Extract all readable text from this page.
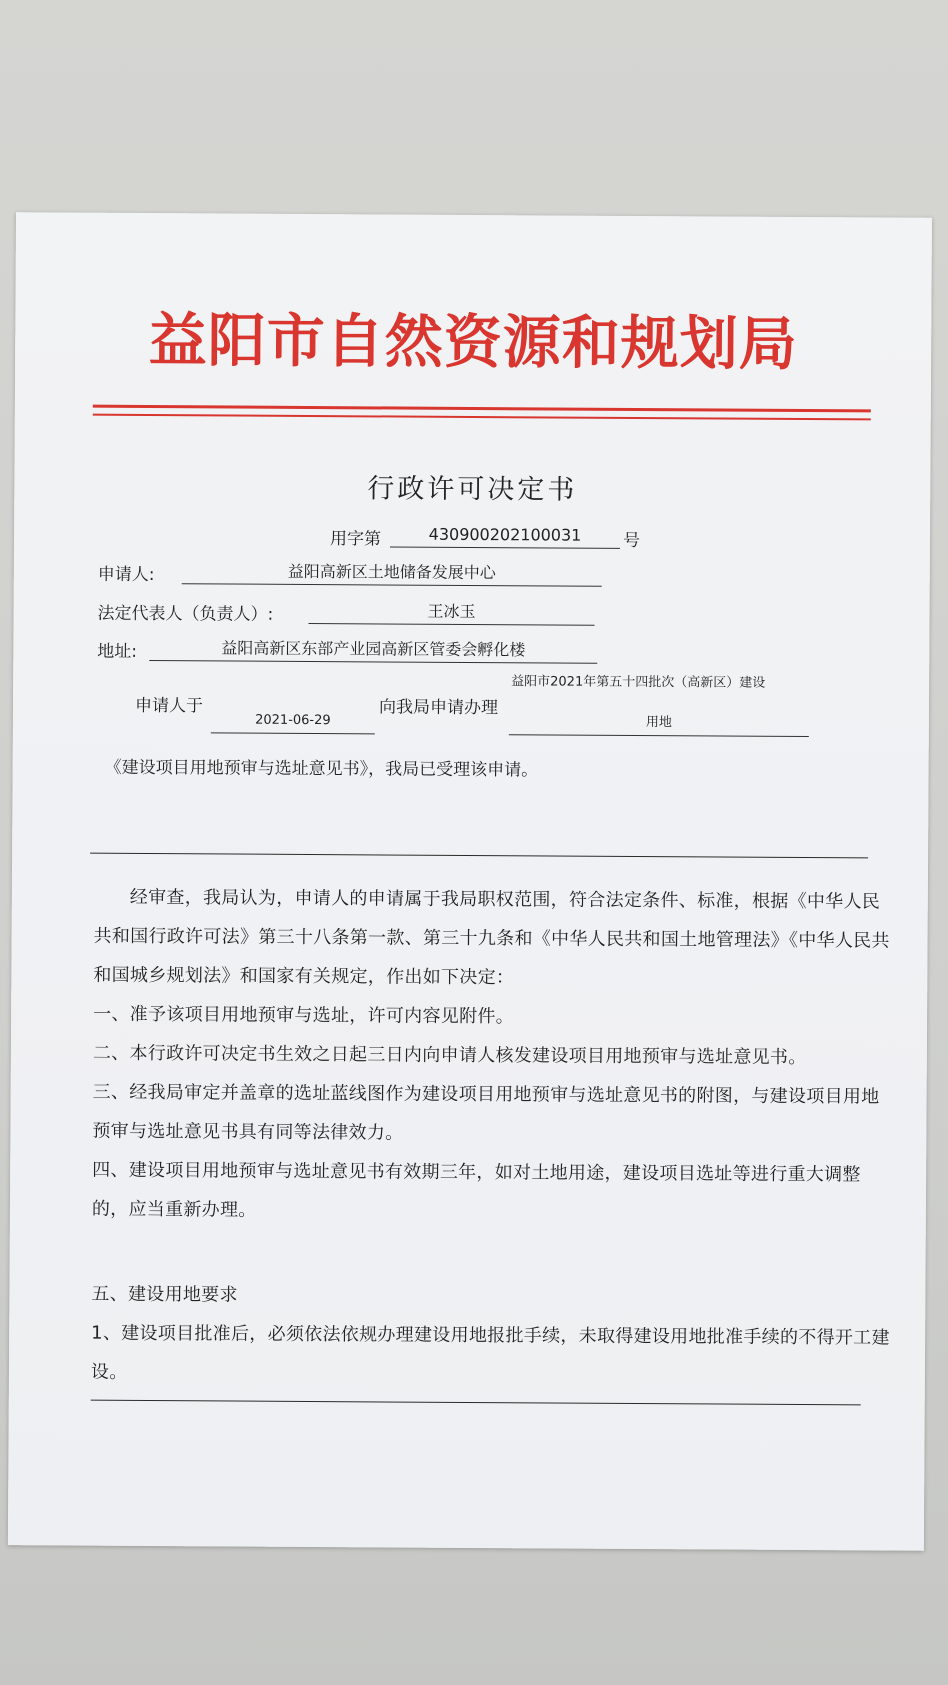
益阳市自然资源和规划局
行政许可决定书
用字第	430900202100031	号
申请人:	益阳高新区土地储备发展中心
法定代表人（负责人）:	王冰玉
地址:	益阳高新区东部产业园高新区管委会孵化楼
申请人于
2021-06-29
向我局申请办理
益阳市2021年第五十四批次（高新区）建设
用地
《建设项目用地预审与选址意见书》，我局已受理该申请。

经审查，我局认为，申请人的申请属于我局职权范围，符合法定条件、标准，根据《中华人民共和国行政许可法》第三十八条第一款、第三十九条和《中华人民共和国土地管理法》《中华人民共和国城乡规划法》和国家有关规定，作出如下决定：

一、准予该项目用地预审与选址，许可内容见附件。

二、本行政许可决定书生效之日起三日内向申请人核发建设项目用地预审与选址意见书。

三、经我局审定并盖章的选址蓝线图作为建设项目用地预审与选址意见书的附图，与建设项目用地预审与选址意见书具有同等法律效力。

四、建设项目用地预审与选址意见书有效期三年，如对土地用途，建设项目选址等进行重大调整的，应当重新办理。

五、建设用地要求

1、建设项目批准后，必须依法依规办理建设用地报批手续，未取得建设用地批准手续的不得开工建设。
